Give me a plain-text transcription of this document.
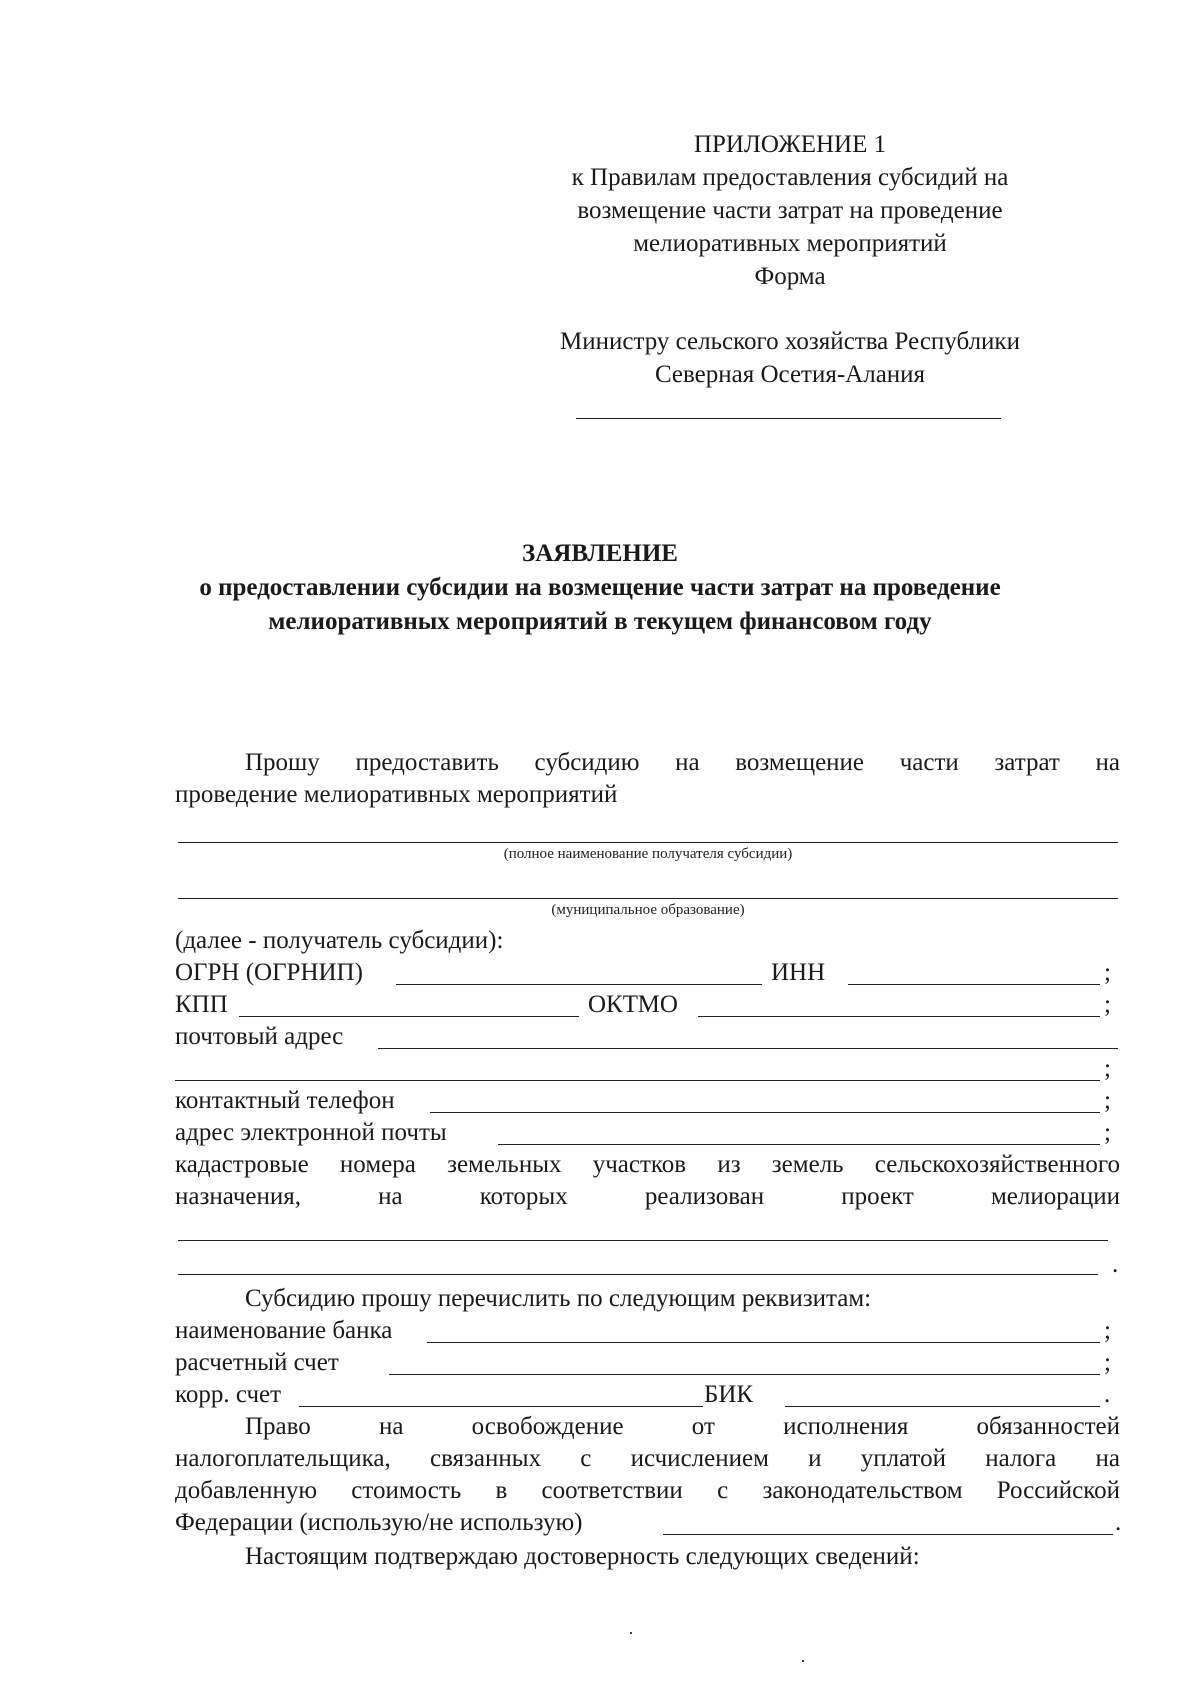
ПРИЛОЖЕНИЕ 1
к Правилам предоставления субсидий на
возмещение части затрат на проведение
мелиоративных мероприятий
Форма
Министру сельского хозяйства Республики
Северная Осетия-Алания
ЗАЯВЛЕНИЕ
о предоставлении субсидии на возмещение части затрат на проведение
мелиоративных мероприятий в текущем финансовом году
Прошу предоставить субсидию на возмещение части затрат на
проведение мелиоративных мероприятий
(полное наименование получателя субсидии)
(муниципальное образование)
(далее - получатель субсидии):
ОГРН (ОГРНИП)	ИНН	;
КПП	ОКТМО	;
почтовый адрес
;
контактный телефон	;
адрес электронной почты	;
кадастровые номера земельных участков из земель сельскохозяйственного
назначения, на которых реализован проект мелиорации
.
Субсидию прошу перечислить по следующим реквизитам:
наименование банка	;
расчетный счет	;
корр. счет	БИК	.
Право на освобождение от исполнения обязанностей
налогоплательщика, связанных с исчислением и уплатой налога на
добавленную стоимость в соответствии с законодательством Российской
Федерации (использую/не использую)	.
Настоящим подтверждаю достоверность следующих сведений:
